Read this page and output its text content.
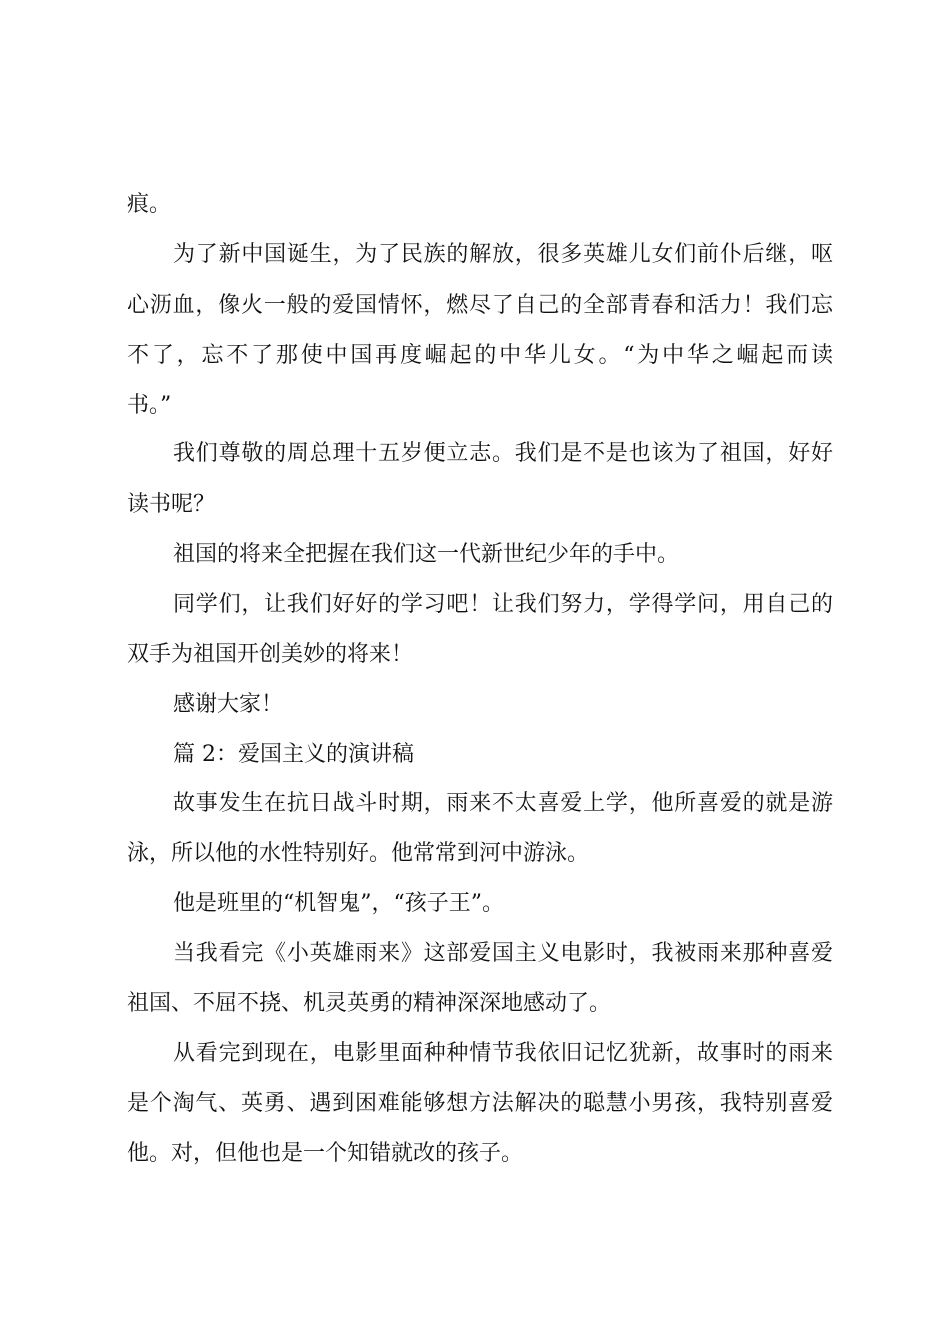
痕。
为了新中国诞生，为了民族的解放，很多英雄儿女们前仆后继，呕
心沥血，像火一般的爱国情怀，燃尽了自己的全部青春和活力！我们忘
不了，忘不了那使中国再度崛起的中华儿女。“为中华之崛起而读
书。”
我们尊敬的周总理十五岁便立志。我们是不是也该为了祖国，好好
读书呢？
祖国的将来全把握在我们这一代新世纪少年的手中。
同学们，让我们好好的学习吧！让我们努力，学得学问，用自己的
双手为祖国开创美妙的将来！
感谢大家！
篇 2：爱国主义的演讲稿
故事发生在抗日战斗时期，雨来不太喜爱上学，他所喜爱的就是游
泳，所以他的水性特别好。他常常到河中游泳。
他是班里的“机智鬼”，“孩子王”。
当我看完《小英雄雨来》这部爱国主义电影时，我被雨来那种喜爱
祖国、不屈不挠、机灵英勇的精神深深地感动了。
从看完到现在，电影里面种种情节我依旧记忆犹新，故事时的雨来
是个淘气、英勇、遇到困难能够想方法解决的聪慧小男孩，我特别喜爱
他。对，但他也是一个知错就改的孩子。
